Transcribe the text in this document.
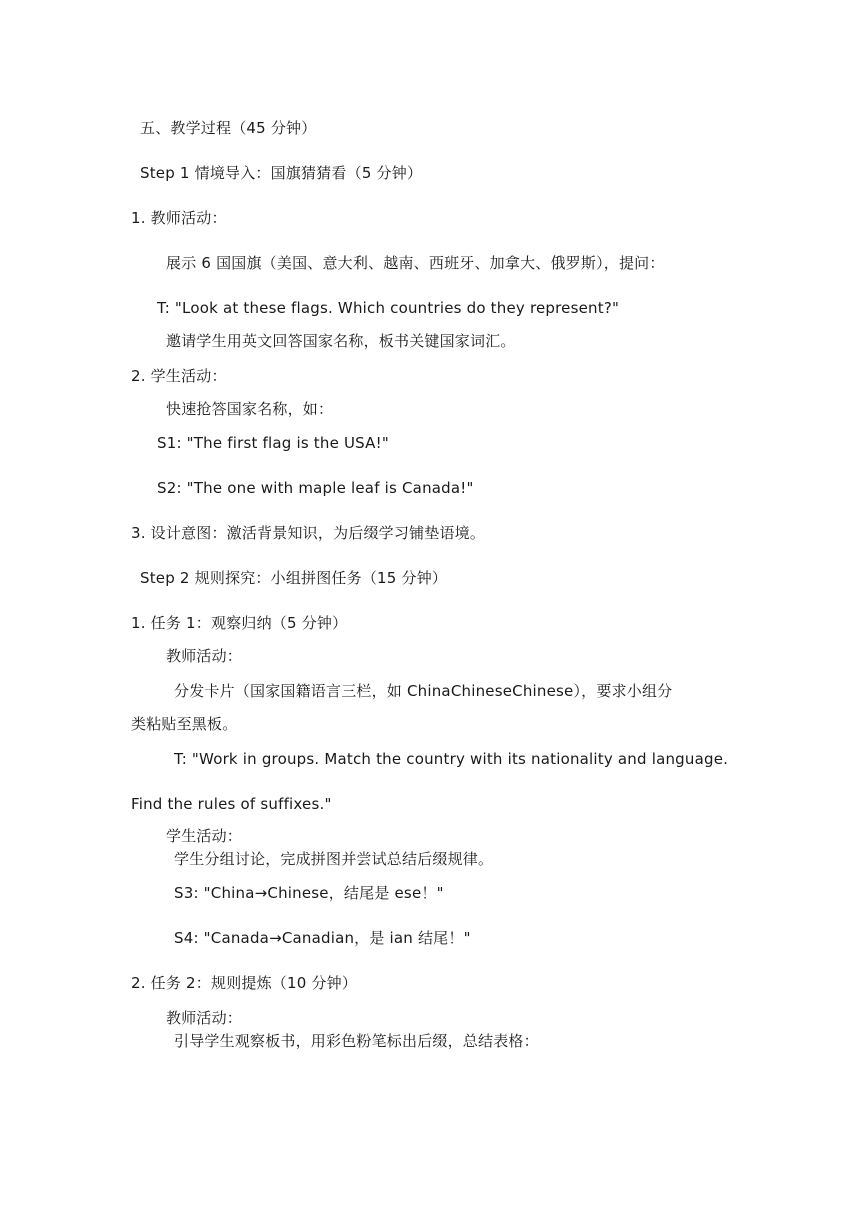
五、教学过程（45 分钟）
Step 1 情境导入：国旗猜猜看（5 分钟）
1. 教师活动：
展示 6 国国旗（美国、意大利、越南、西班牙、加拿大、俄罗斯），提问：
T: "Look at these flags. Which countries do they represent?"
邀请学生用英文回答国家名称，板书关键国家词汇。
2. 学生活动：
快速抢答国家名称，如：
S1: "The first flag is the USA!"
S2: "The one with maple leaf is Canada!"
3. 设计意图：激活背景知识，为后缀学习铺垫语境。
Step 2 规则探究：小组拼图任务（15 分钟）
1. 任务 1：观察归纳（5 分钟）
教师活动：
分发卡片（国家国籍语言三栏，如 ChinaChineseChinese），要求小组分
类粘贴至黑板。
T: "Work in groups. Match the country with its nationality and language.
Find the rules of suffixes."
学生活动：
学生分组讨论，完成拼图并尝试总结后缀规律。
S3: "China→Chinese，结尾是 ese！"
S4: "Canada→Canadian，是 ian 结尾！"
2. 任务 2：规则提炼（10 分钟）
教师活动：
引导学生观察板书，用彩色粉笔标出后缀，总结表格：
